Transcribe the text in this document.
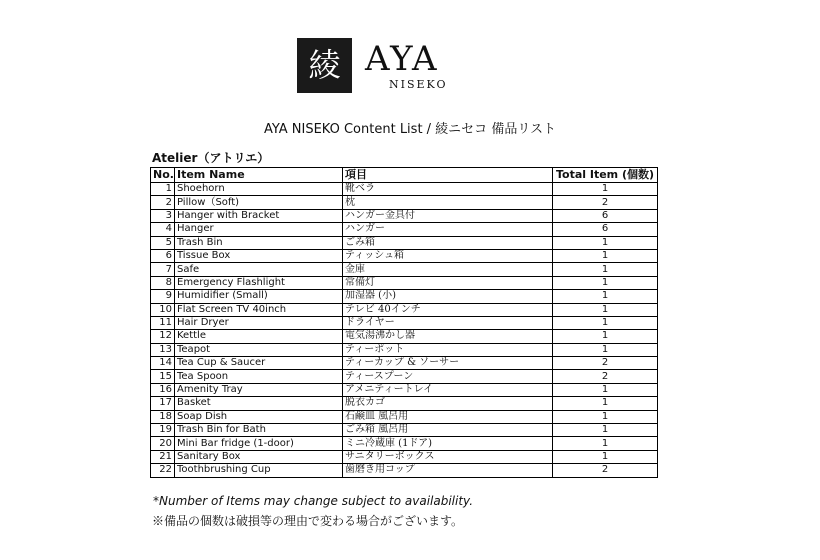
綾 AYA
NISEKO
AYA NISEKO Content List / 綾ニセコ 備品リスト
Atelier（アトリエ）
No.	Item Name	項目	Total Item (個数)
1	Shoehorn	靴ベラ	1
2	Pillow（Soft)	枕	2
3	Hanger with Bracket	ハンガー金具付	6
4	Hanger	ハンガー	6
5	Trash Bin	ごみ箱	1
6	Tissue Box	ティッシュ箱	1
7	Safe	金庫	1
8	Emergency Flashlight	常備灯	1
9	Humidifier (Small)	加湿器 (小)	1
10	Flat Screen TV 40inch	テレビ 40インチ	1
11	Hair Dryer	ドライヤー	1
12	Kettle	電気湯沸かし器	1
13	Teapot	ティーポット	1
14	Tea Cup & Saucer	ティーカップ & ソーサー	2
15	Tea Spoon	ティースプーン	2
16	Amenity Tray	アメニティートレイ	1
17	Basket	脱衣カゴ	1
18	Soap Dish	石鹸皿 風呂用	1
19	Trash Bin for Bath	ごみ箱 風呂用	1
20	Mini Bar fridge (1-door)	ミニ冷蔵庫 (1ドア)	1
21	Sanitary Box	サニタリーボックス	1
22	Toothbrushing Cup	歯磨き用コップ	2
*Number of Items may change subject to availability.
※備品の個数は破損等の理由で変わる場合がございます。
